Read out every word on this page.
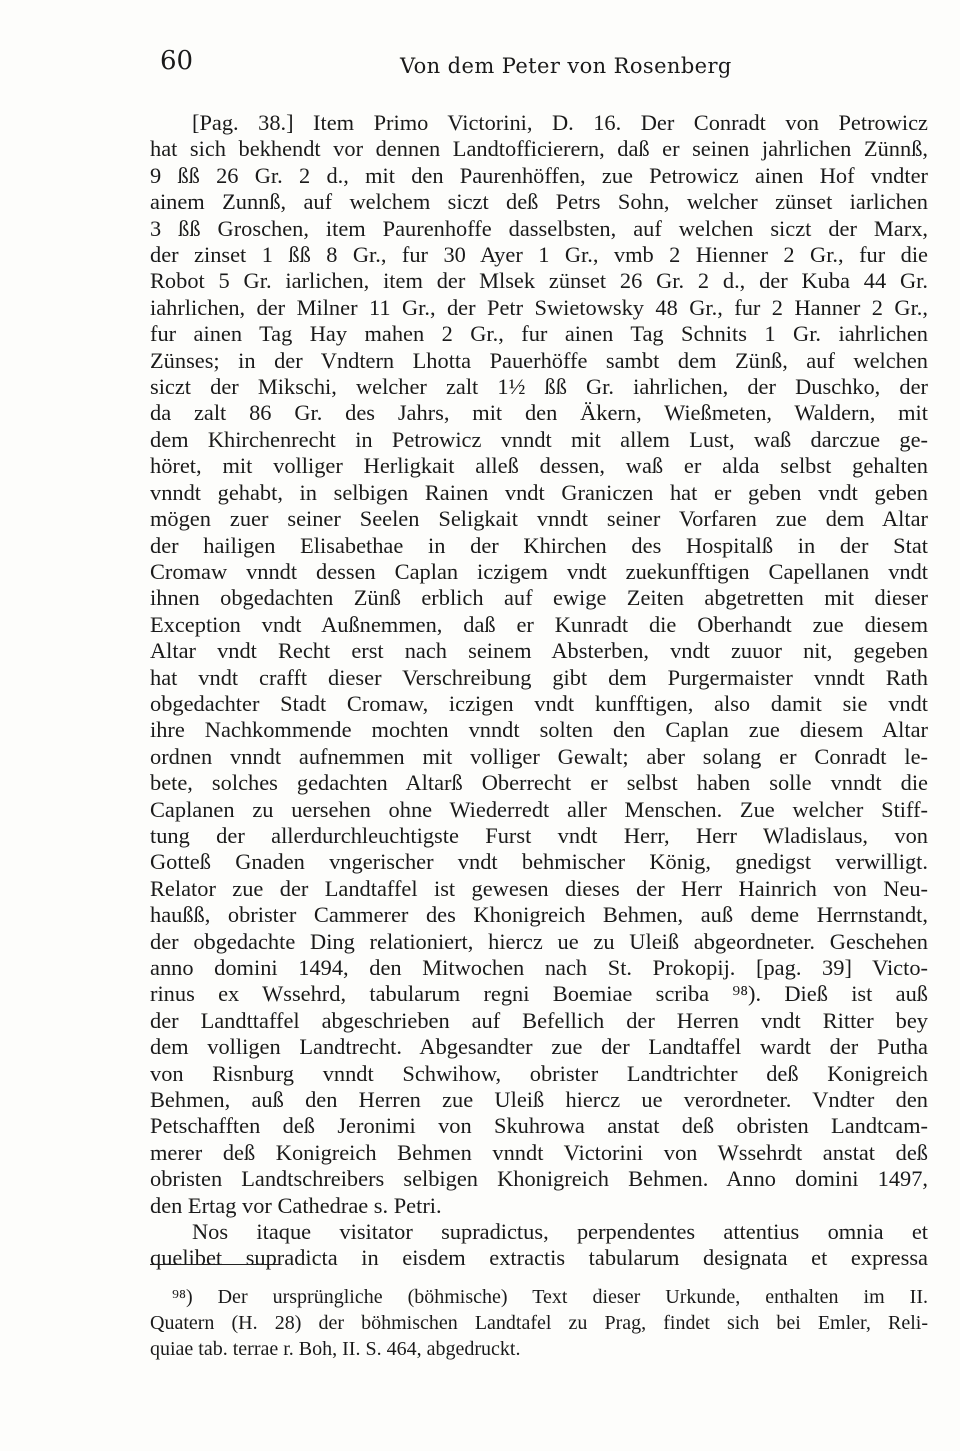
60	Von dem Peter von Rosenberg
[Pag. 38.] Item Primo Victorini, D. 16. Der Conradt von Petrowicz
hat sich bekhendt vor dennen Landtofficierern, daß er seinen jahrlichen Zünnß,
9 ßß 26 Gr. 2 d., mit den Paurenhöffen, zue Petrowicz ainen Hof vndter
ainem Zunnß, auf welchem siczt deß Petrs Sohn, welcher zünset iarlichen
3 ßß Groschen, item Paurenhoffe dasselbsten, auf welchen siczt der Marx,
der zinset 1 ßß 8 Gr., fur 30 Ayer 1 Gr., vmb 2 Hienner 2 Gr., fur die
Robot 5 Gr. iarlichen, item der Mlsek zünset 26 Gr. 2 d., der Kuba 44 Gr.
iahrlichen, der Milner 11 Gr., der Petr Swietowsky 48 Gr., fur 2 Hanner 2 Gr.,
fur ainen Tag Hay mahen 2 Gr., fur ainen Tag Schnits 1 Gr. iahrlichen
Zünses; in der Vndtern Lhotta Pauerhöffe sambt dem Zünß, auf welchen
siczt der Mikschi, welcher zalt 1½ ßß Gr. iahrlichen, der Duschko, der
da zalt 86 Gr. des Jahrs, mit den Äkern, Wießmeten, Waldern, mit
dem Khirchenrecht in Petrowicz vnndt mit allem Lust, waß darczue ge-
höret, mit volliger Herligkait alleß dessen, waß er alda selbst gehalten
vnndt gehabt, in selbigen Rainen vndt Graniczen hat er geben vndt geben
mögen zuer seiner Seelen Seligkait vnndt seiner Vorfaren zue dem Altar
der hailigen Elisabethae in der Khirchen des Hospitalß in der Stat
Cromaw vnndt dessen Caplan iczigem vndt zuekunfftigen Capellanen vndt
ihnen obgedachten Zünß erblich auf ewige Zeiten abgetretten mit dieser
Exception vndt Außnemmen, daß er Kunradt die Oberhandt zue diesem
Altar vndt Recht erst nach seinem Absterben, vndt zuuor nit, gegeben
hat vndt crafft dieser Verschreibung gibt dem Purgermaister vnndt Rath
obgedachter Stadt Cromaw, iczigen vndt kunfftigen, also damit sie vndt
ihre Nachkommende mochten vnndt solten den Caplan zue diesem Altar
ordnen vnndt aufnemmen mit volliger Gewalt; aber solang er Conradt le-
bete, solches gedachten Altarß Oberrecht er selbst haben solle vnndt die
Caplanen zu uersehen ohne Wiederredt aller Menschen. Zue welcher Stiff-
tung der allerdurchleuchtigste Furst vndt Herr, Herr Wladislaus, von
Gotteß Gnaden vngerischer vndt behmischer König, gnedigst verwilligt.
Relator zue der Landtaffel ist gewesen dieses der Herr Hainrich von Neu-
haußß, obrister Cammerer des Khonigreich Behmen, auß deme Herrnstandt,
der obgedachte Ding relationiert, hiercz ue zu Uleiß abgeordneter. Geschehen
anno domini 1494, den Mitwochen nach St. Prokopij. [pag. 39] Victo-
rinus ex Wssehrd, tabularum regni Boemiae scriba ⁹⁸). Dieß ist auß
der Landttaffel abgeschrieben auf Befellich der Herren vndt Ritter bey
dem volligen Landtrecht. Abgesandter zue der Landtaffel wardt der Putha
von Risnburg vnndt Schwihow, obrister Landtrichter deß Konigreich
Behmen, auß den Herren zue Uleiß hiercz ue verordneter. Vndter den
Petschafften deß Jeronimi von Skuhrowa anstat deß obristen Landtcam-
merer deß Konigreich Behmen vnndt Victorini von Wssehrdt anstat deß
obristen Landtschreibers selbigen Khonigreich Behmen. Anno domini 1497,
den Ertag vor Cathedrae s. Petri.
Nos itaque visitator supradictus, perpendentes attentius omnia et
quelibet supradicta in eisdem extractis tabularum designata et expressa
⁹⁸) Der ursprüngliche (böhmische) Text dieser Urkunde, enthalten im II.
Quatern (H. 28) der böhmischen Landtafel zu Prag, findet sich bei Emler, Reli-
quiae tab. terrae r. Boh, II. S. 464, abgedruckt.
